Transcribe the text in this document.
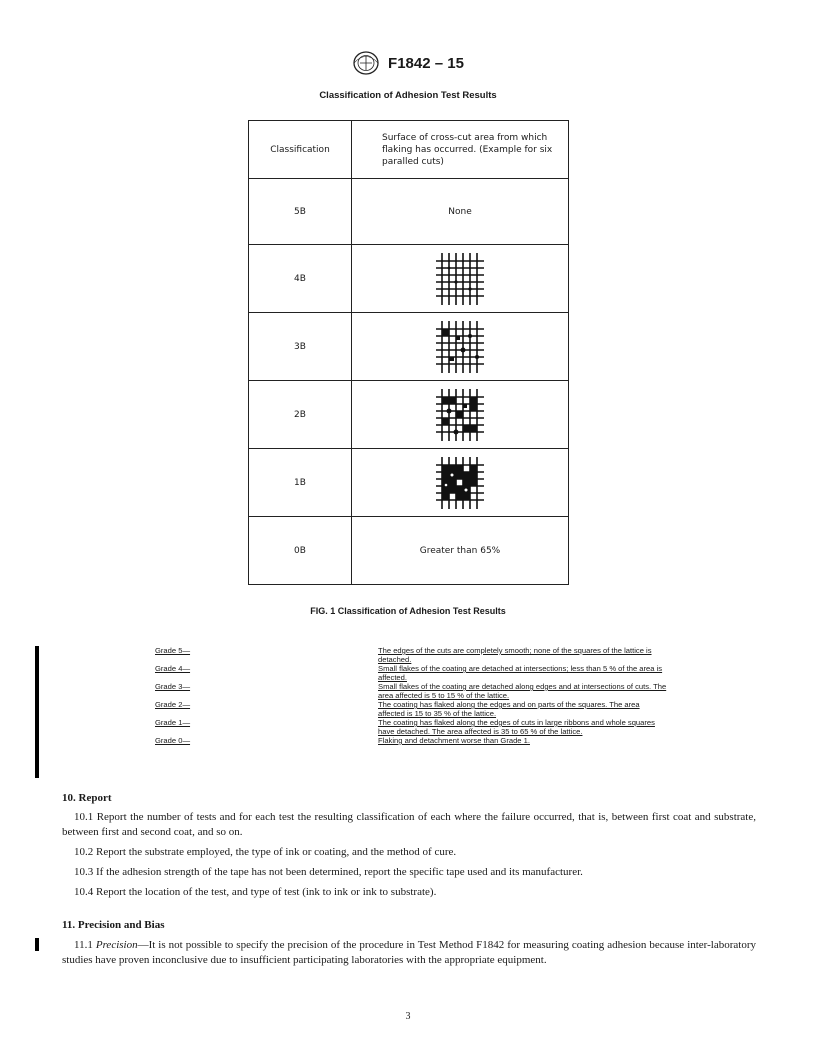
F1842 – 15
Classification of Adhesion Test Results
Classification	Surface of cross-cut area from which flaking has occurred. (Example for six paralled cuts)
5B	None
4B	

3B	

2B	

1B	

0B	Greater than 65%
FIG. 1 Classification of Adhesion Test Results
Grade 5—	The edges of the cuts are completely smooth; none of the squares of the lattice is detached.
Grade 4—	Small flakes of the coating are detached at intersections; less than 5 % of the area is affected.
Grade 3—	Small flakes of the coating are detached along edges and at intersections of cuts. The area affected is 5 to 15 % of the lattice.
Grade 2—	The coating has flaked along the edges and on parts of the squares. The area affected is 15 to 35 % of the lattice.
Grade 1—	The coating has flaked along the edges of cuts in large ribbons and whole squares have detached. The area affected is 35 to 65 % of the lattice.
Grade 0—	Flaking and detachment worse than Grade 1.
10. Report

10.1 Report the number of tests and for each test the resulting classification of each where the failure occurred, that is, between first coat and substrate, between first and second coat, and so on.

10.2 Report the substrate employed, the type of ink or coating, and the method of cure.

10.3 If the adhesion strength of the tape has not been determined, report the specific tape used and its manufacturer.

10.4 Report the location of the test, and type of test (ink to ink or ink to substrate).

11. Precision and Bias

11.1 Precision—It is not possible to specify the precision of the procedure in Test Method F1842 for measuring coating adhesion because inter-laboratory studies have proven inconclusive due to insufficient participating laboratories with the appropriate equipment.

3
